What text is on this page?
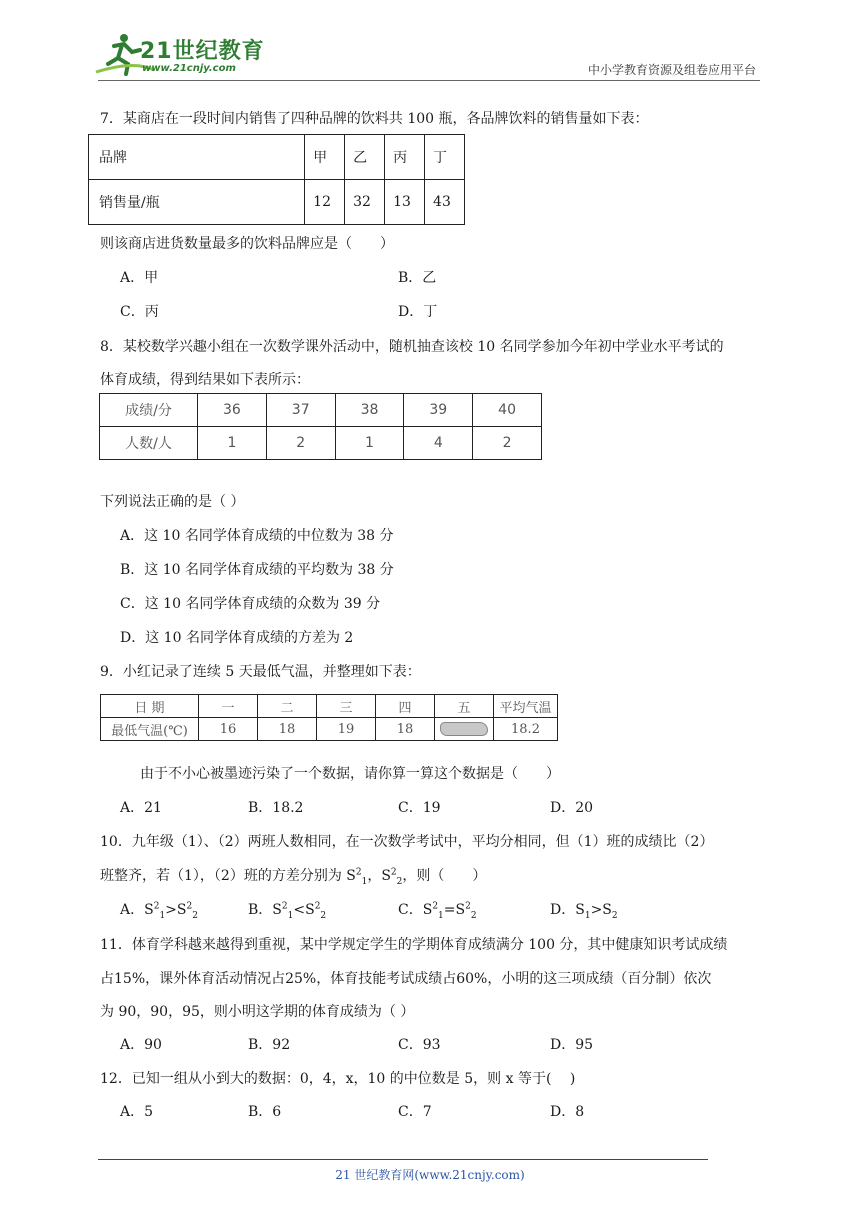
21世纪教育
www.21cnjy.com	中小学教育资源及组卷应用平台
7．某商店在一段时间内销售了四种品牌的饮料共 100 瓶，各品牌饮料的销售量如下表：
品牌	甲	乙	丙	丁
销售量/瓶	12	32	13	43
则该商店进货数量最多的饮料品牌应是（　　）
A．甲	B．乙
C．丙	D．丁
8．某校数学兴趣小组在一次数学课外活动中，随机抽查该校 10 名同学参加今年初中学业水平考试的
体育成绩，得到结果如下表所示：
成绩/分	36	37	38	39	40
人数/人	1	2	1	4	2
下列说法正确的是（ ）
A．这 10 名同学体育成绩的中位数为 38 分
B．这 10 名同学体育成绩的平均数为 38 分
C．这 10 名同学体育成绩的众数为 39 分
D．这 10 名同学体育成绩的方差为 2
9．小红记录了连续 5 天最低气温，并整理如下表：
日 期	一	二	三	四	五	平均气温
最低气温(℃)	16	18	19	18		18.2
由于不小心被墨迹污染了一个数据，请你算一算这个数据是（　　）
A．21	B．18.2	C．19	D．20
10．九年级（1）、（2）两班人数相同，在一次数学考试中，平均分相同，但（1）班的成绩比（2）
班整齐，若（1），（2）班的方差分别为 $S^2_1$，$S^2_2$，则（　　）
A．$S^2_1>S^2_2$	B．$S^2_1<S^2_2$	C．$S^2_1=S^2_2$	D．$S_1>S_2$
11．体育学科越来越得到重视，某中学规定学生的学期体育成绩满分 100 分，其中健康知识考试成绩
占15%，课外体育活动情况占25%，体育技能考试成绩占60%，小明的这三项成绩（百分制）依次
为 90，90，95，则小明这学期的体育成绩为（ ）
A．90	B．92	C．93	D．95
12．已知一组从小到大的数据：0，4，x，10 的中位数是 5，则 x 等于(　 )
A．5	B．6	C．7	D．8
21 世纪教育网(www.21cnjy.com)
